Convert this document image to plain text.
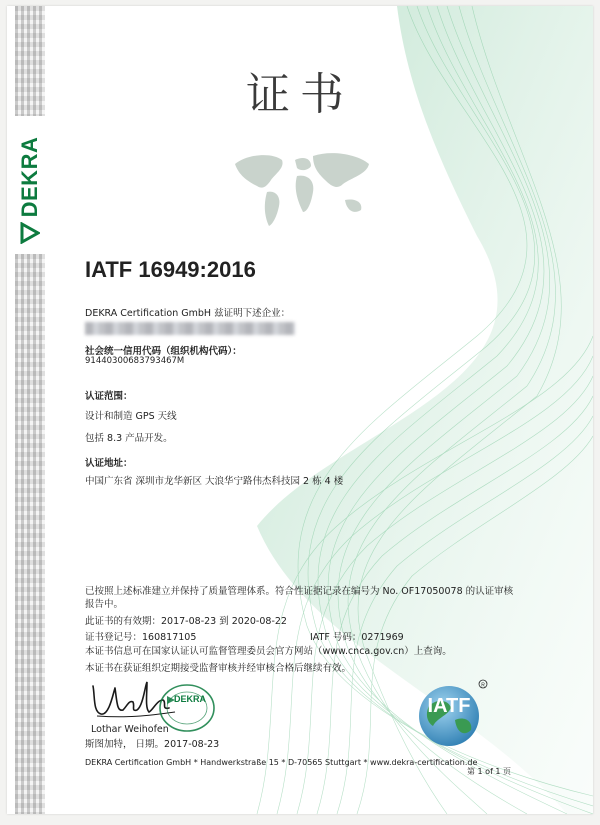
DEKRA
证书
IATF 16949:2016
DEKRA Certification GmbH 兹证明下述企业：
社会统一信用代码（组织机构代码）：
91440300683793467M
认证范围：
设计和制造 GPS 天线
包括 8.3 产品开发。
认证地址：
中国广东省 深圳市龙华新区 大浪华宁路伟杰科技园 2 栋 4 楼
已按照上述标准建立并保持了质量管理体系。符合性证据记录在编号为 No. OF17050078 的认证审核
报告中。
此证书的有效期：2017-08-23 到 2020-08-22
证书登记号：160817105	IATF 号码：0271969
本证书信息可在国家认证认可监督管理委员会官方网站（www.cnca.gov.cn）上查询。
本证书在获证组织定期接受监督审核并经审核合格后继续有效。
DEKRA
Lothar Weihofen
斯图加特， 日期。2017-08-23
IATF
R
DEKRA Certification GmbH * Handwerkstraße 15 * D-70565 Stuttgart * www.dekra-certification.de
第 1 of 1 页
